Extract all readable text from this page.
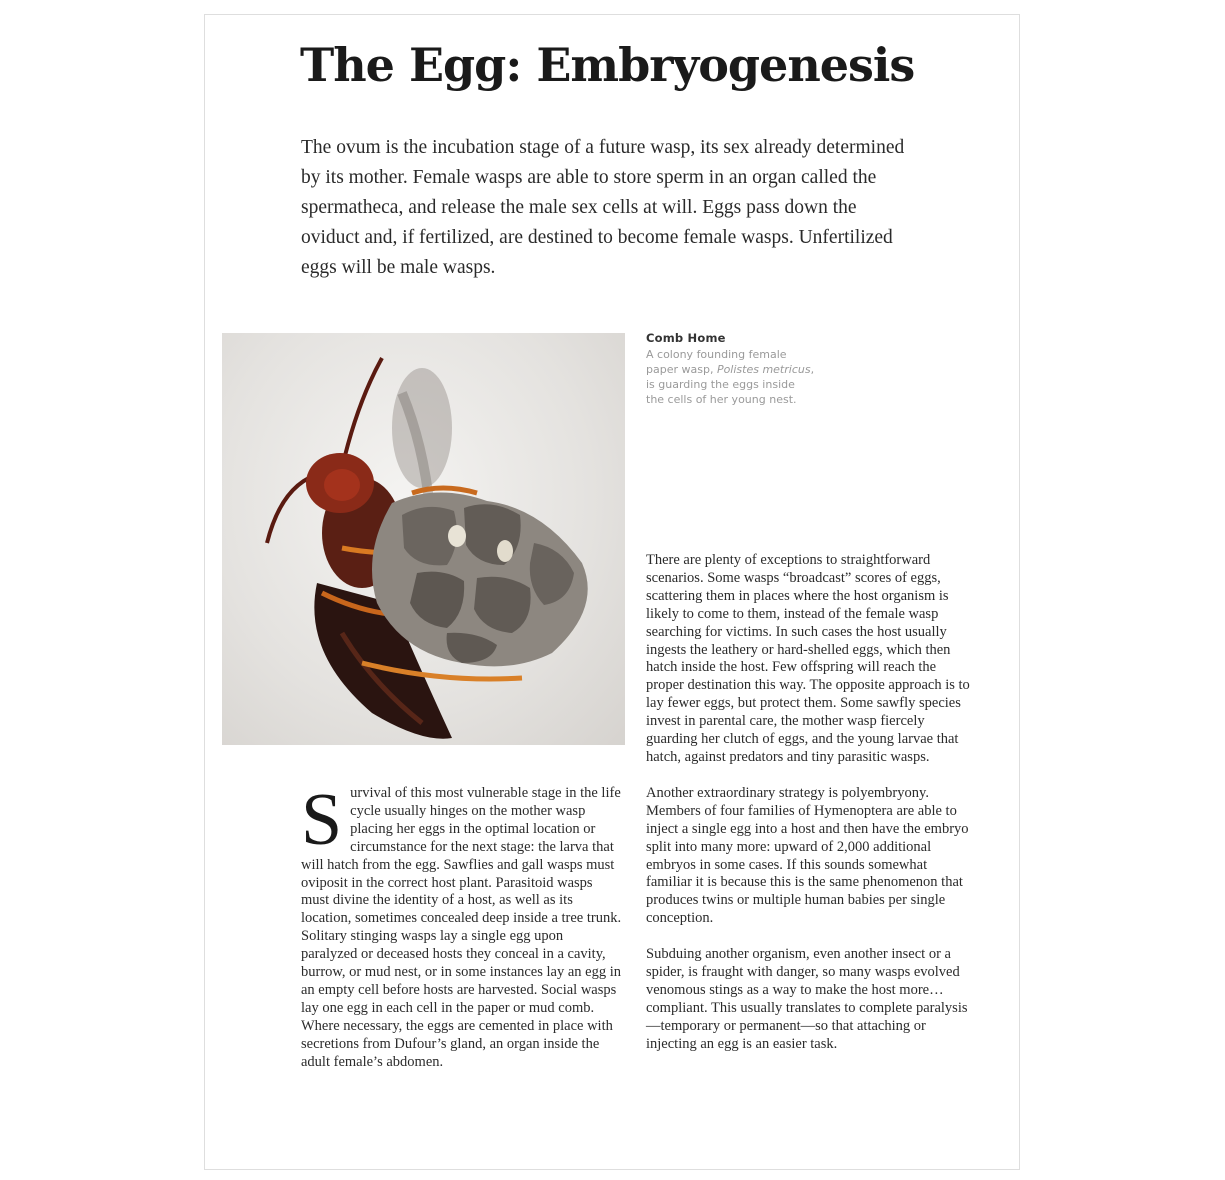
The Egg: Embryogenesis

The ovum is the incubation stage of a future wasp, its sex already determined by its mother. Female wasps are able to store sperm in an organ called the spermatheca, and release the male sex cells at will. Eggs pass down the oviduct and, if fertilized, are destined to become female wasps. Unfertilized eggs will be male wasps.

Comb Home
A colony founding female paper wasp, Polistes metricus, is guarding the eggs inside the cells of her young nest.

Survival of this most vulnerable stage in the life cycle usually hinges on the mother wasp placing her eggs in the optimal location or circumstance for the next stage: the larva that will hatch from the egg. Sawflies and gall wasps must oviposit in the correct host plant. Parasitoid wasps must divine the identity of a host, as well as its location, sometimes concealed deep inside a tree trunk. Solitary stinging wasps lay a single egg upon paralyzed or deceased hosts they conceal in a cavity, burrow, or mud nest, or in some instances lay an egg in an empty cell before hosts are harvested. Social wasps lay one egg in each cell in the paper or mud comb. Where necessary, the eggs are cemented in place with secretions from Dufour’s gland, an organ inside the adult female’s abdomen.

There are plenty of exceptions to straightforward scenarios. Some wasps “broadcast” scores of eggs, scattering them in places where the host organism is likely to come to them, instead of the female wasp searching for victims. In such cases the host usually ingests the leathery or hard-shelled eggs, which then hatch inside the host. Few offspring will reach the proper destination this way. The opposite approach is to lay fewer eggs, but protect them. Some sawfly species invest in parental care, the mother wasp fiercely guarding her clutch of eggs, and the young larvae that hatch, against predators and tiny parasitic wasps.

Another extraordinary strategy is polyembryony. Members of four families of Hymenoptera are able to inject a single egg into a host and then have the embryo split into many more: upward of 2,000 additional embryos in some cases. If this sounds somewhat familiar it is because this is the same phenomenon that produces twins or multiple human babies per single conception.

Subduing another organism, even another insect or a spider, is fraught with danger, so many wasps evolved venomous stings as a way to make the host more…compliant. This usually translates to complete paralysis—temporary or permanent—so that attaching or injecting an egg is an easier task.
